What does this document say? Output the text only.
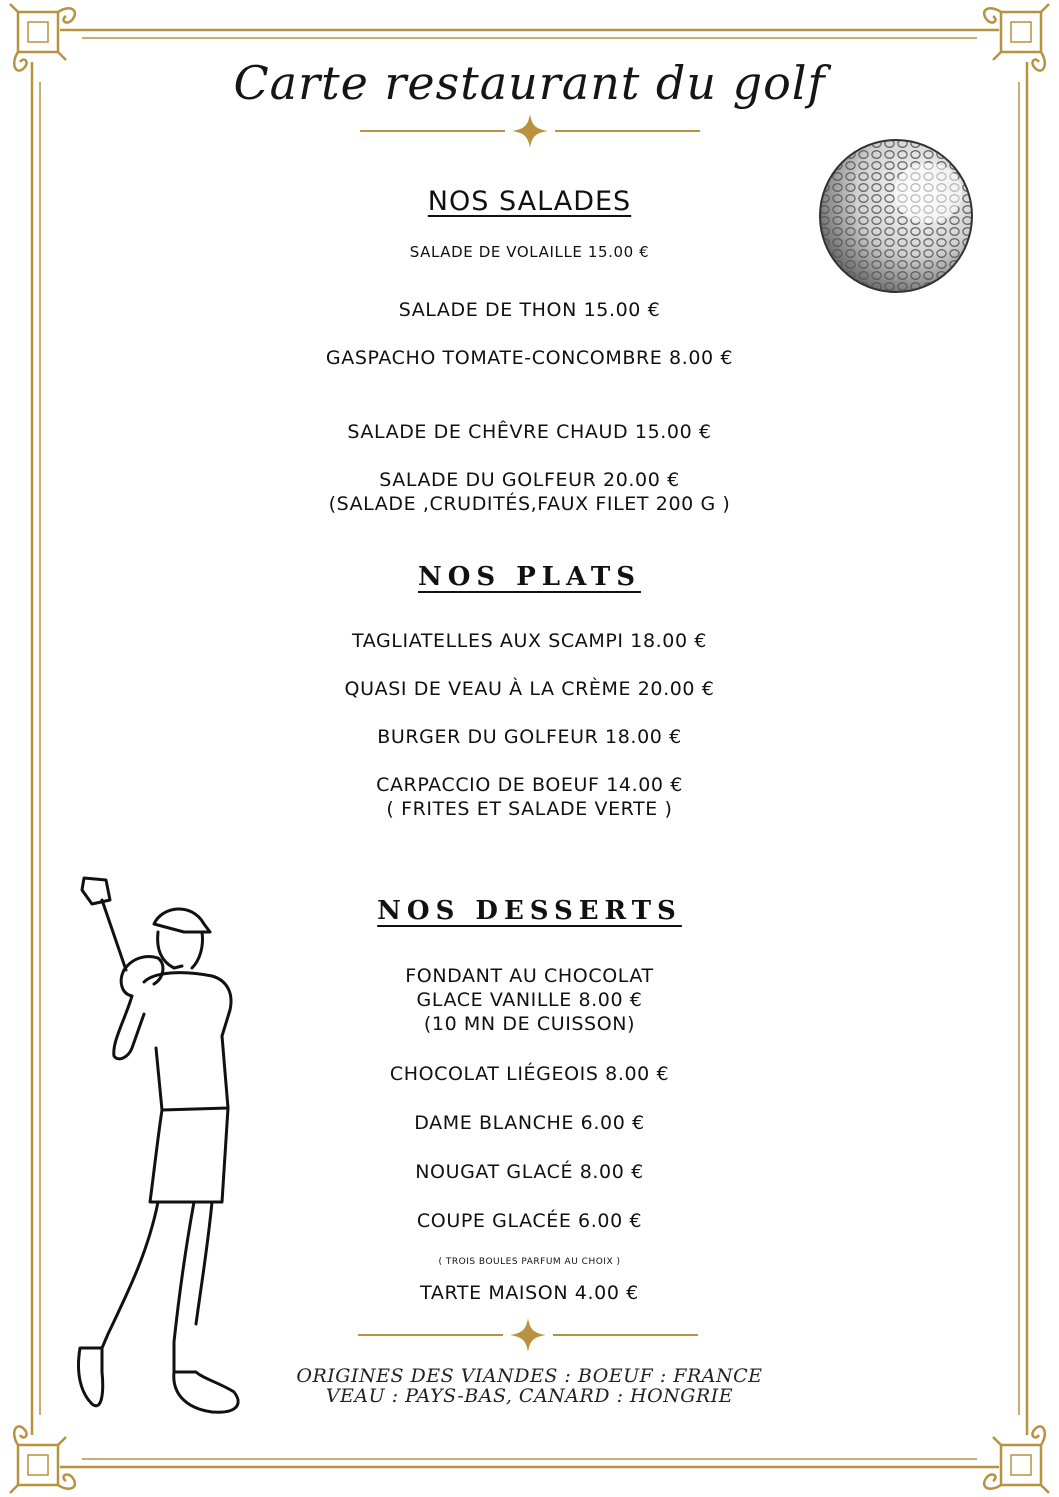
Carte restaurant du golf
NOS SALADES
SALADE DE VOLAILLE 15.00 €
SALADE DE THON 15.00 €
GASPACHO TOMATE-CONCOMBRE 8.00 €
SALADE DE CHÊVRE CHAUD 15.00 €
SALADE DU GOLFEUR 20.00 €
(SALADE ,CRUDITÉS,FAUX FILET 200 G )
NOS PLATS
TAGLIATELLES AUX SCAMPI 18.00 €
QUASI DE VEAU À LA CRÈME 20.00 €
BURGER DU GOLFEUR 18.00 €
CARPACCIO DE BOEUF 14.00 €
( FRITES ET SALADE VERTE )
NOS DESSERTS
FONDANT AU CHOCOLAT
GLACE VANILLE 8.00 €
(10 MN DE CUISSON)
CHOCOLAT LIÉGEOIS 8.00 €
DAME BLANCHE 6.00 €
NOUGAT GLACÉ 8.00 €
COUPE GLACÉE 6.00 €
( TROIS BOULES PARFUM AU CHOIX )
TARTE MAISON 4.00 €
ORIGINES DES VIANDES : BOEUF : FRANCE
VEAU : PAYS-BAS, CANARD : HONGRIE
